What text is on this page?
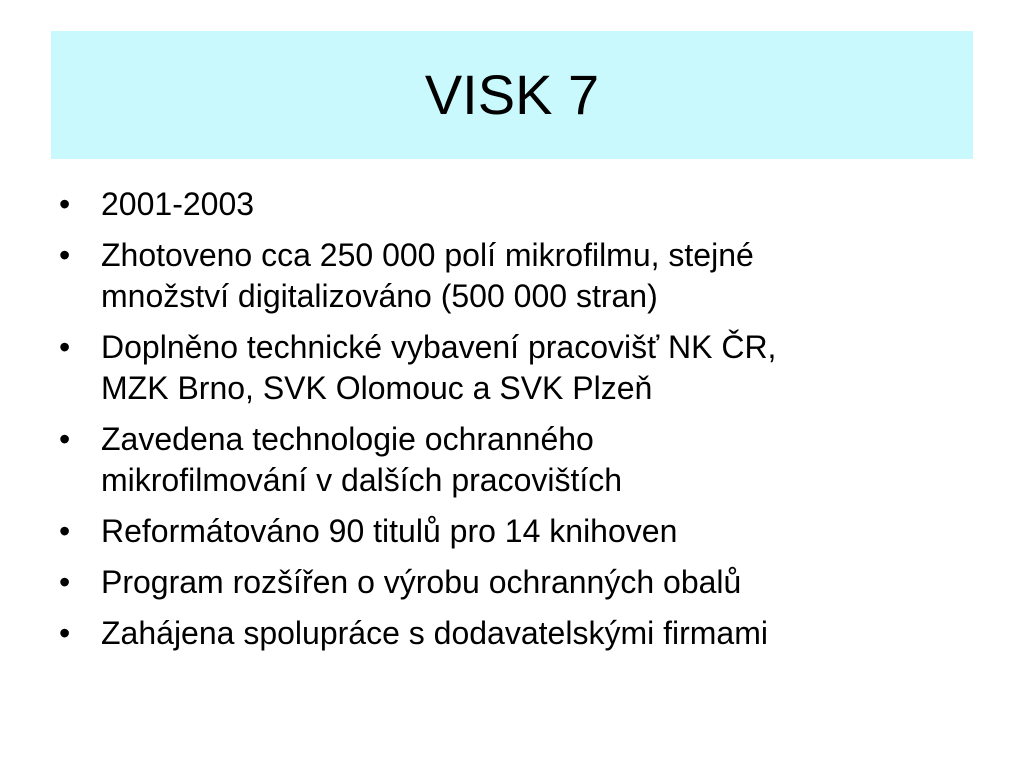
VISK 7
• 2001-2003
• Zhotoveno cca 250 000 polí mikrofilmu, stejné
množství digitalizováno (500 000 stran)
• Doplněno technické vybavení pracovišť NK ČR,
MZK Brno, SVK Olomouc a SVK Plzeň
• Zavedena technologie ochranného
mikrofilmování v dalších pracovištích
• Reformátováno 90 titulů pro 14 knihoven
• Program rozšířen o výrobu ochranných obalů
• Zahájena spolupráce s dodavatelskými firmami
